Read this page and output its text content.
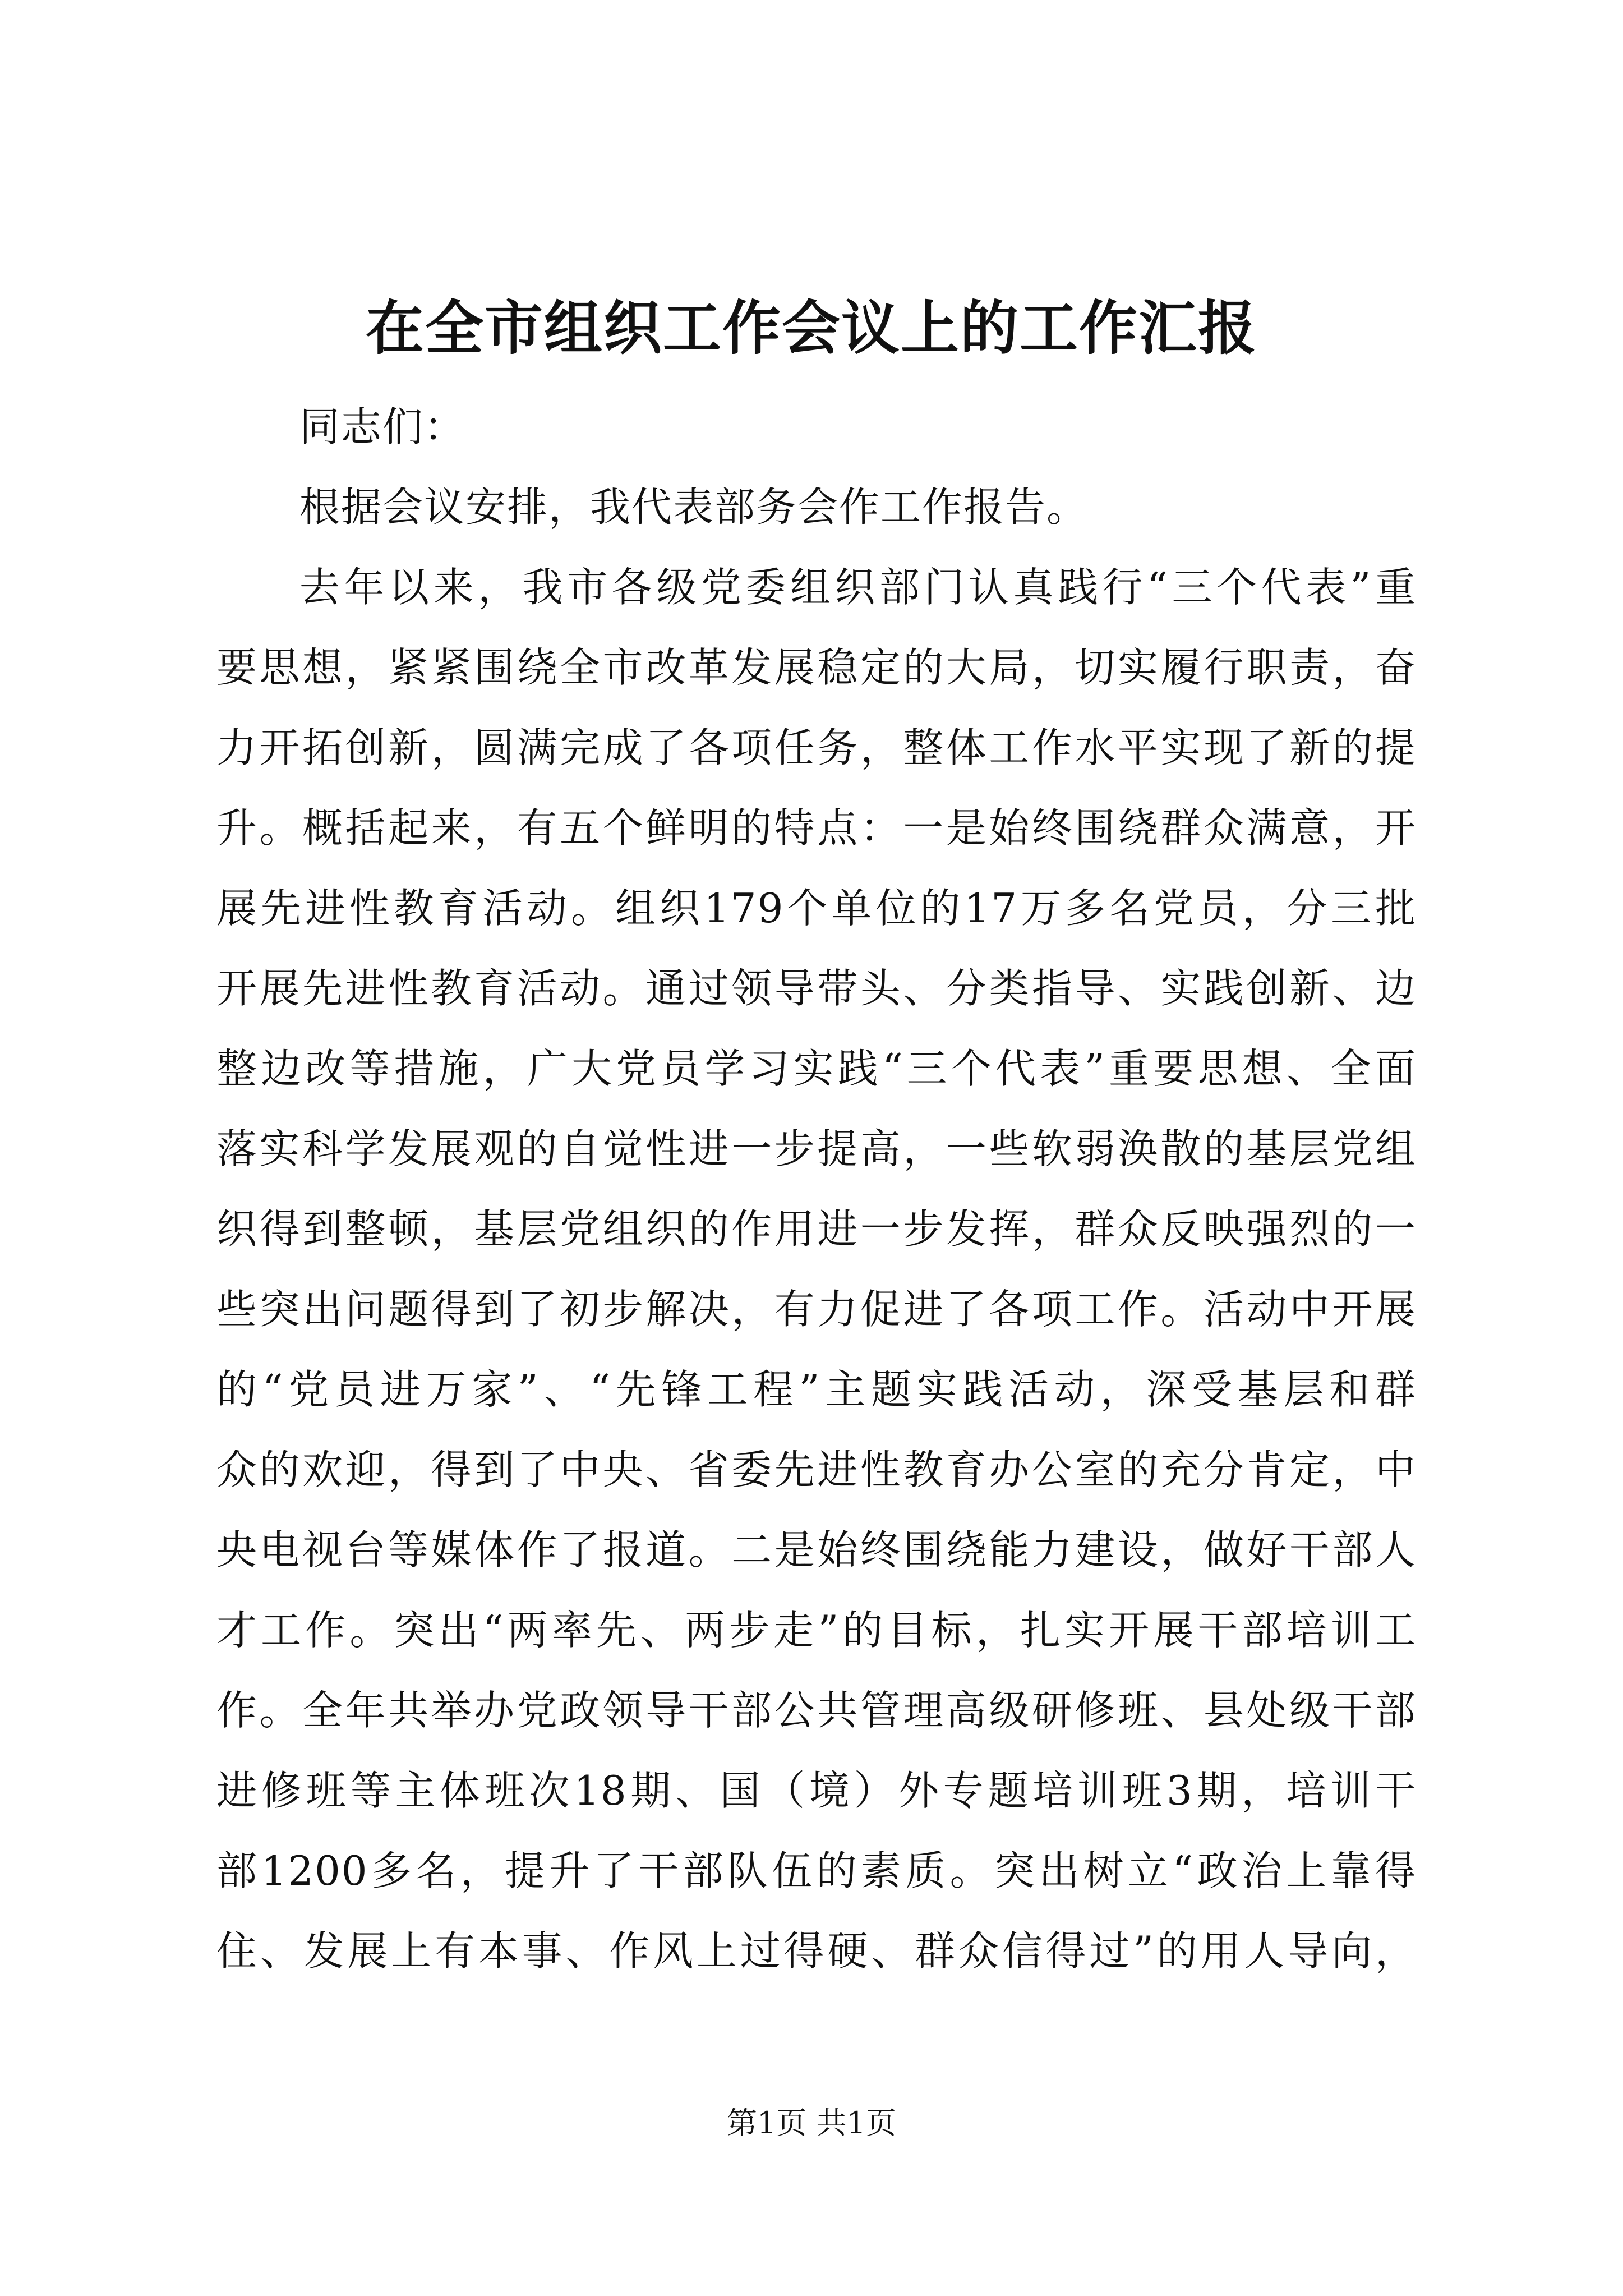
在全市组织工作会议上的工作汇报
同志们：
根据会议安排，我代表部务会作工作报告。
去年以来，我市各级党委组织部门认真践行“三个代表”重
要思想，紧紧围绕全市改革发展稳定的大局，切实履行职责，奋
力开拓创新，圆满完成了各项任务，整体工作水平实现了新的提
升。概括起来，有五个鲜明的特点：一是始终围绕群众满意，开
展先进性教育活动。组织179个单位的17万多名党员，分三批
开展先进性教育活动。通过领导带头、分类指导、实践创新、边
整边改等措施，广大党员学习实践“三个代表”重要思想、全面
落实科学发展观的自觉性进一步提高，一些软弱涣散的基层党组
织得到整顿，基层党组织的作用进一步发挥，群众反映强烈的一
些突出问题得到了初步解决，有力促进了各项工作。活动中开展
的“党员进万家”、“先锋工程”主题实践活动，深受基层和群
众的欢迎，得到了中央、省委先进性教育办公室的充分肯定，中
央电视台等媒体作了报道。二是始终围绕能力建设，做好干部人
才工作。突出“两率先、两步走”的目标，扎实开展干部培训工
作。全年共举办党政领导干部公共管理高级研修班、县处级干部
进修班等主体班次18期、国（境）外专题培训班3期，培训干
部1200多名，提升了干部队伍的素质。突出树立“政治上靠得
住、发展上有本事、作风上过得硬、群众信得过”的用人导向，
第1页 共1页
